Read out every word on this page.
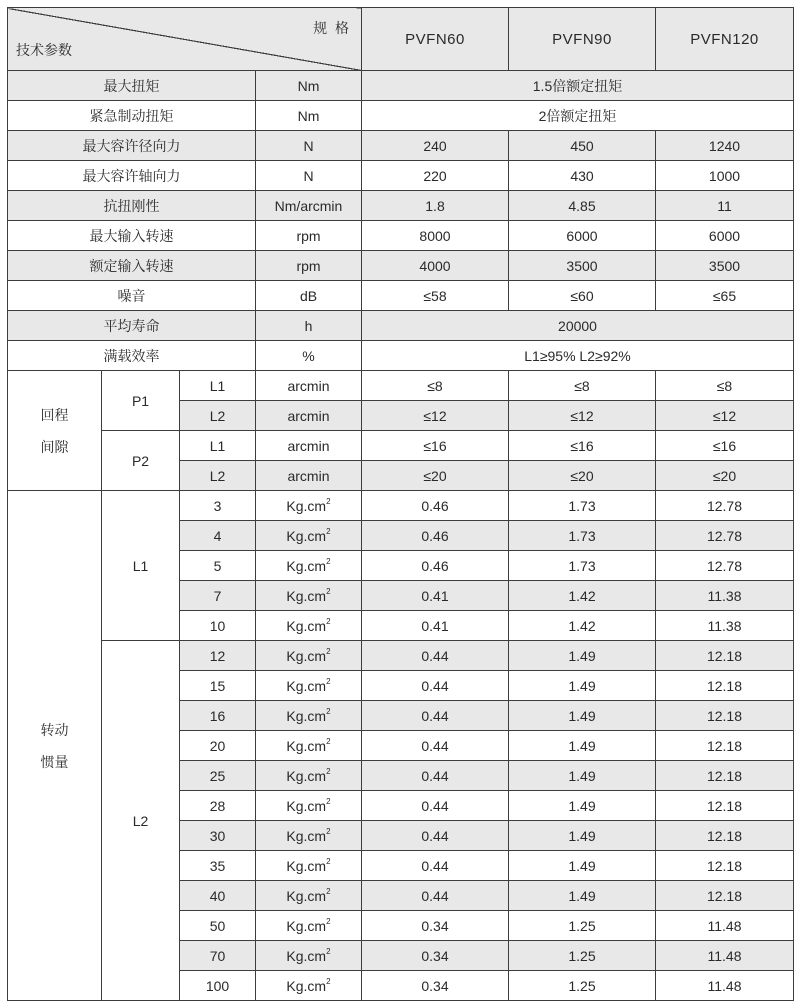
规 格
技术参数				PVFN60	PVFN90	PVFN120
最大扭矩			Nm	1.5倍额定扭矩		
紧急制动扭矩			Nm	2倍额定扭矩		
最大容许径向力			N	240	450	1240
最大容许轴向力			N	220	430	1000
抗扭刚性			Nm/arcmin	1.8	4.85	11
最大输入转速			rpm	8000	6000	6000
额定输入转速			rpm	4000	3500	3500
噪音			dB	≤58	≤60	≤65
平均寿命			h	20000		
满载效率			%	L1≥95% L2≥92%		
回程
间隙	P1	L1	arcmin	≤8	≤8	≤8
		L2	arcmin	≤12	≤12	≤12
	P2	L1	arcmin	≤16	≤16	≤16
		L2	arcmin	≤20	≤20	≤20
转动
惯量	L1	3	$Kg.cm^2$	0.46	1.73	12.78
		4	$Kg.cm^2$	0.46	1.73	12.78
		5	$Kg.cm^2$	0.46	1.73	12.78
		7	$Kg.cm^2$	0.41	1.42	11.38
		10	$Kg.cm^2$	0.41	1.42	11.38
	L2	12	$Kg.cm^2$	0.44	1.49	12.18
		15	$Kg.cm^2$	0.44	1.49	12.18
		16	$Kg.cm^2$	0.44	1.49	12.18
		20	$Kg.cm^2$	0.44	1.49	12.18
		25	$Kg.cm^2$	0.44	1.49	12.18
		28	$Kg.cm^2$	0.44	1.49	12.18
		30	$Kg.cm^2$	0.44	1.49	12.18
		35	$Kg.cm^2$	0.44	1.49	12.18
		40	$Kg.cm^2$	0.44	1.49	12.18
		50	$Kg.cm^2$	0.34	1.25	11.48
		70	$Kg.cm^2$	0.34	1.25	11.48
		100	$Kg.cm^2$	0.34	1.25	11.48
